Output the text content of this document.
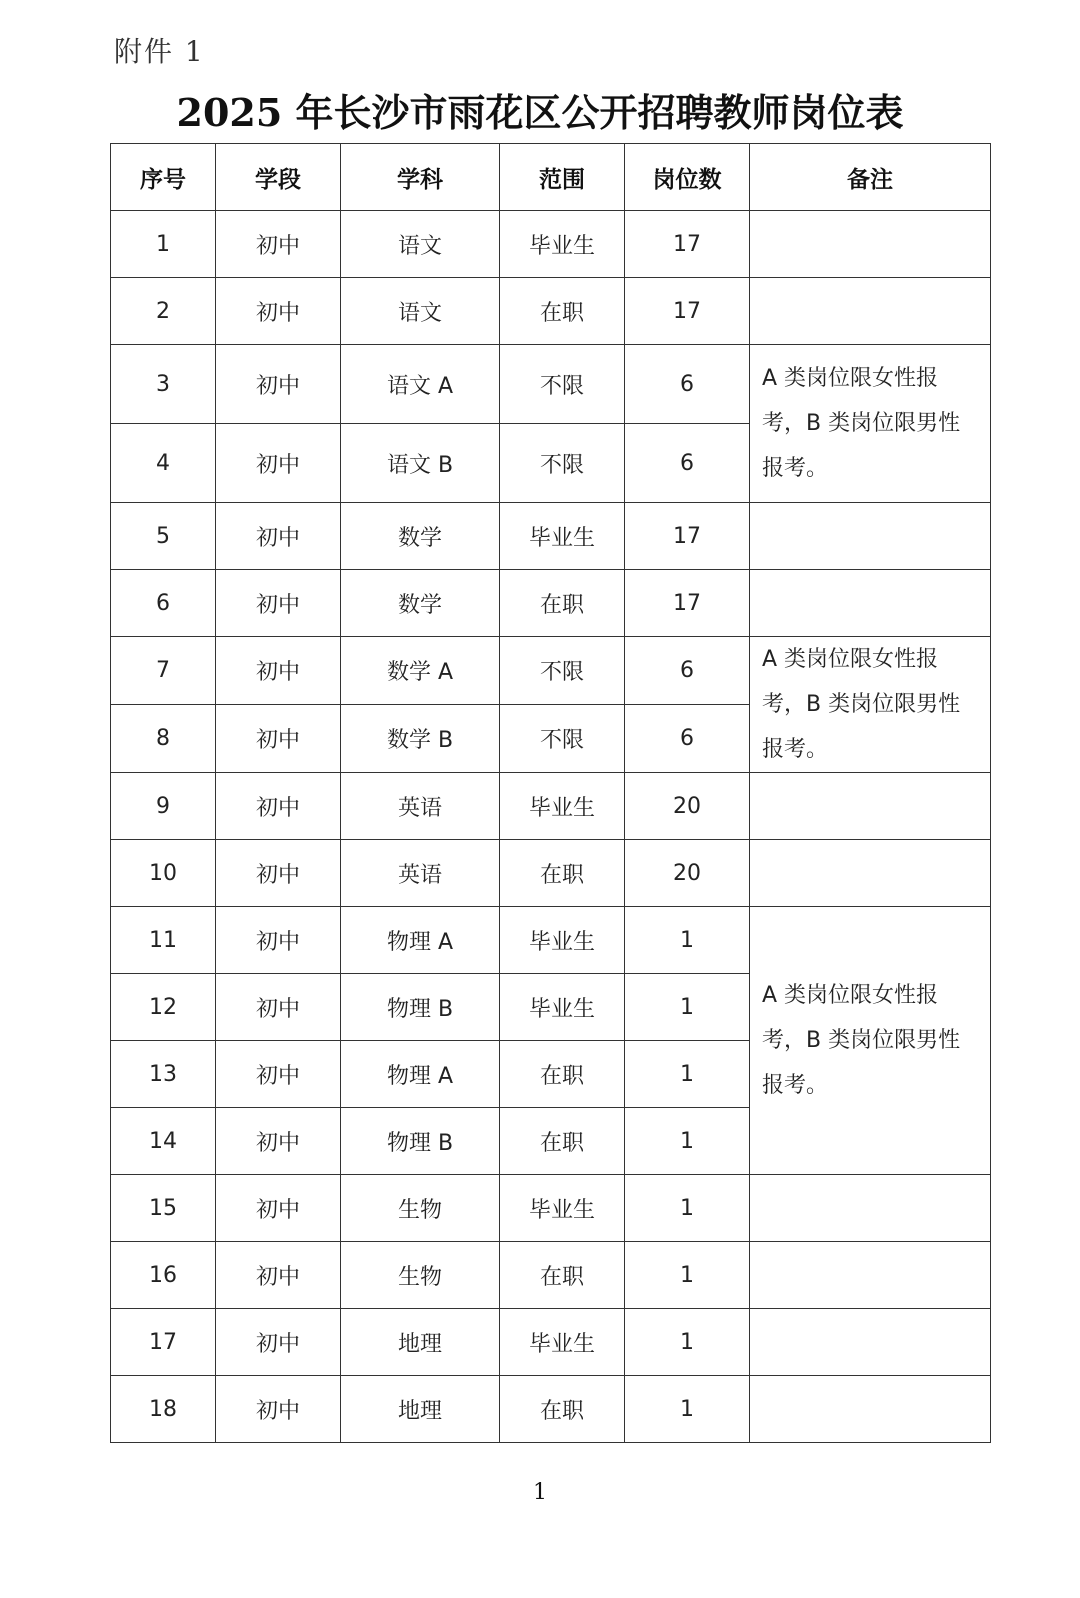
附件 1
2025 年长沙市雨花区公开招聘教师岗位表
序号	学段	学科	范围	岗位数	备注
1	初中	语文	毕业生	17	
2	初中	语文	在职	17	
3	初中	语文 A	不限	6	A 类岗位限女性报考，B 类岗位限男性报考。
4	初中	语文 B	不限	6	
5	初中	数学	毕业生	17	
6	初中	数学	在职	17	
7	初中	数学 A	不限	6	A 类岗位限女性报考，B 类岗位限男性报考。
8	初中	数学 B	不限	6	
9	初中	英语	毕业生	20	
10	初中	英语	在职	20	
11	初中	物理 A	毕业生	1	A 类岗位限女性报考，B 类岗位限男性报考。
12	初中	物理 B	毕业生	1	
13	初中	物理 A	在职	1	
14	初中	物理 B	在职	1	
15	初中	生物	毕业生	1	
16	初中	生物	在职	1	
17	初中	地理	毕业生	1	
18	初中	地理	在职	1	
1
